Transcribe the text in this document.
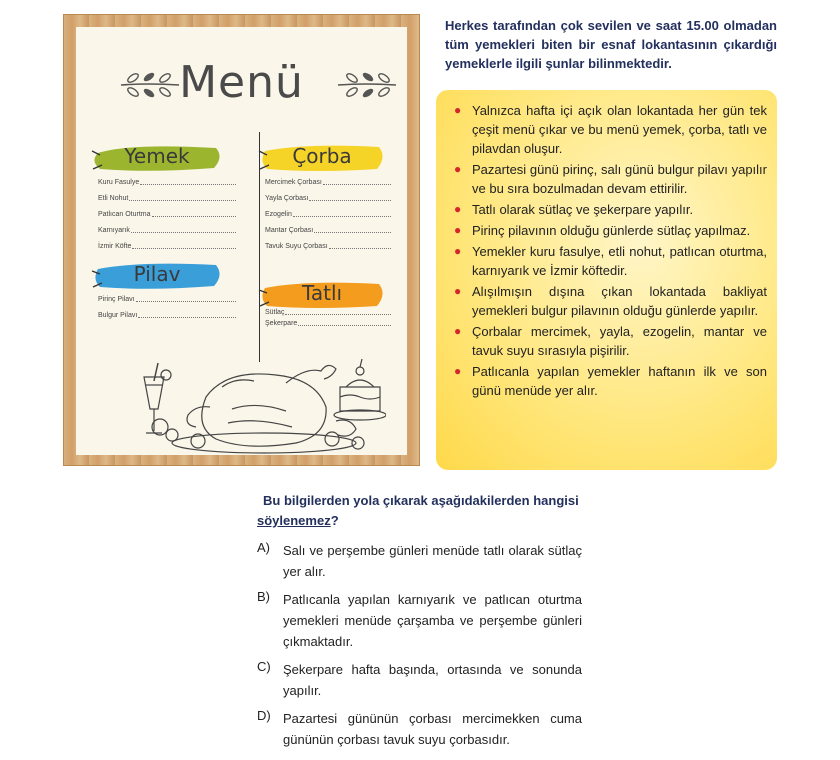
Menü
Yemek
Kuru Fasulye
Etli Nohut
Patlıcan Oturtma
Karnıyarık
İzmir Köfte
Çorba
Mercimek Çorbası
Yayla Çorbası
Ezogelin
Mantar Çorbası
Tavuk Suyu Çorbası
Pilav
Pirinç Pilavı
Bulgur Pilavı
Tatlı
Sütlaç
Şekerpare
Herkes tarafından çok sevilen ve saat 15.00 olmadan tüm yemekleri biten bir esnaf lokantasının çıkardığı yemeklerle ilgili şunlar bilinmektedir.
● Yalnızca hafta içi açık olan lokantada her gün tek çeşit menü çıkar ve bu menü yemek, çorba, tatlı ve pilavdan oluşur.
● Pazartesi günü pirinç, salı günü bulgur pilavı yapılır ve bu sıra bozulmadan devam ettirilir.
● Tatlı olarak sütlaç ve şekerpare yapılır.
● Pirinç pilavının olduğu günlerde sütlaç yapılmaz.
● Yemekler kuru fasulye, etli nohut, patlıcan oturtma, karnıyarık ve İzmir köftedir.
● Alışılmışın dışına çıkan lokantada bakliyat yemekleri bulgur pilavının olduğu günlerde yapılır.
● Çorbalar mercimek, yayla, ezogelin, mantar ve tavuk suyu sırasıyla pişirilir.
● Patlıcanla yapılan yemekler haftanın ilk ve son günü menüde yer alır.
Bu bilgilerden yola çıkarak aşağıdakilerden hangisi söylenemez?
A) Salı ve perşembe günleri menüde tatlı olarak sütlaç yer alır.
B) Patlıcanla yapılan karnıyarık ve patlıcan oturtma yemekleri menüde çarşamba ve perşembe günleri çıkmaktadır.
C) Şekerpare hafta başında, ortasında ve sonunda yapılır.
D) Pazartesi gününün çorbası mercimekken cuma gününün çorbası tavuk suyu çorbasıdır.
